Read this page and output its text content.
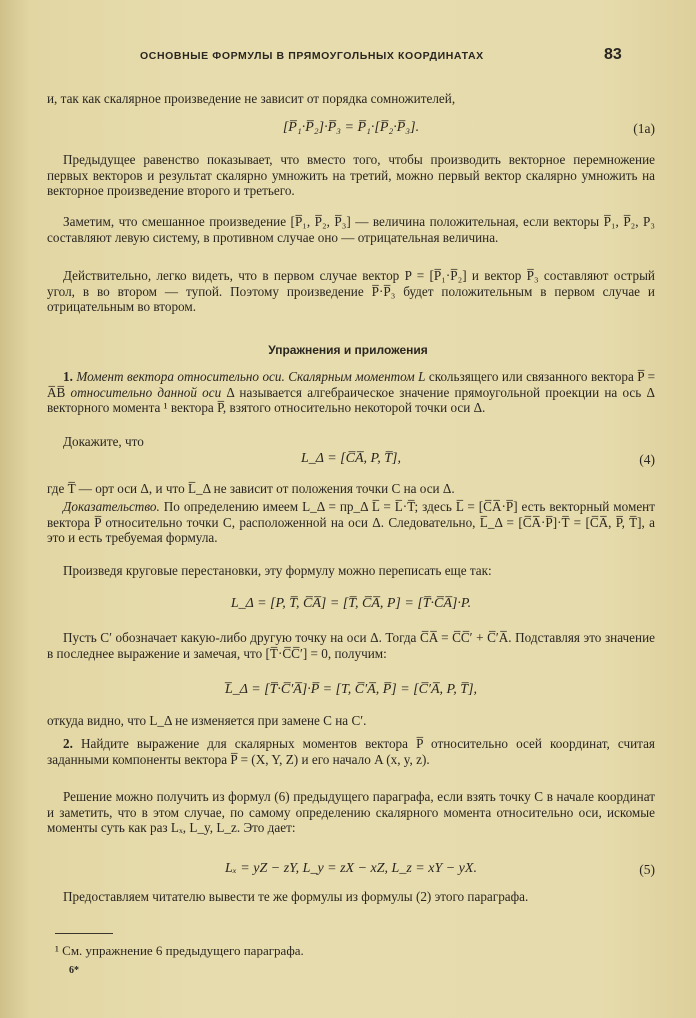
ОСНОВНЫЕ ФОРМУЛЫ В ПРЯМОУГОЛЬНЫХ КООРДИНАТАХ	83
и, так как скалярное произведение не зависит от порядка сомножителей,
[P̅₁·P̅₂]·P̅₃ = P̅₁·[P̅₂·P̅₃].	(1a)
Предыдущее равенство показывает, что вместо того, чтобы производить векторное перемножение первых векторов и результат скалярно умножить на третий, можно первый вектор скалярно умножить на векторное произведение второго и третьего.
Заметим, что смешанное произведение [P̅₁, P̅₂, P̅₃] — величина положительная, если векторы P̅₁, P̅₂, P₃ составляют левую систему, в противном случае оно — отрицательная величина.
Действительно, легко видеть, что в первом случае вектор P = [P̅₁·P̅₂] и вектор P̅₃ составляют острый угол, в во втором — тупой. Поэтому произведение P̅·P̅₃ будет положительным в первом случае и отрицательным во втором.
Упражнения и приложения
1. Момент вектора относительно оси. Скалярным моментом L скользящего или связанного вектора P̅ = A̅B̅ относительно данной оси Δ называется алгебраическое значение прямоугольной проекции на ось Δ векторного момента ¹ вектора P̅, взятого относительно некоторой точки оси Δ.
Докажите, что
L_Δ = [C̅A̅, P, T̅],	(4)
где T̅ — орт оси Δ, и что L̅_Δ не зависит от положения точки C на оси Δ.
Доказательство. По определению имеем L_Δ = пр_Δ L̅ = L̅·T̅; здесь L̅ = [C̅A̅·P̅] есть векторный момент вектора P̅ относительно точки C, расположенной на оси Δ. Следовательно, L̅_Δ = [C̅A̅·P̅]·T̅ = [C̅A̅, P̅, T̅], а это и есть требуемая формула.
Произведя круговые перестановки, эту формулу можно переписать еще так:
L_Δ = [P, T̅, C̅A̅] = [T̅, C̅A̅, P] = [T̅·C̅A̅]·P.
Пусть C′ обозначает какую-либо другую точку на оси Δ. Тогда C̅A̅ = C̅C̅′ + C̅′A̅. Подставляя это значение в последнее выражение и замечая, что [T̅·C̅C̅′] = 0, получим:
L̅_Δ = [T̅·C̅′A̅]·P̅ = [T, C̅′A̅, P̅] = [C̅′A̅, P, T̅],
откуда видно, что L_Δ не изменяется при замене C на C′.
2. Найдите выражение для скалярных моментов вектора P̅ относительно осей координат, считая заданными компоненты вектора P̅ = (X, Y, Z) и его начало A (x, y, z).
Решение можно получить из формул (6) предыдущего параграфа, если взять точку C в начале координат и заметить, что в этом случае, по самому определению скалярного момента относительно оси, искомые моменты суть как раз Lₓ, L_y, L_z. Это дает:
Lₓ = yZ − zY, L_y = zX − xZ, L_z = xY − yX.	(5)
Предоставляем читателю вывести те же формулы из формулы (2) этого параграфа.
¹ См. упражнение 6 предыдущего параграфа.
6*
